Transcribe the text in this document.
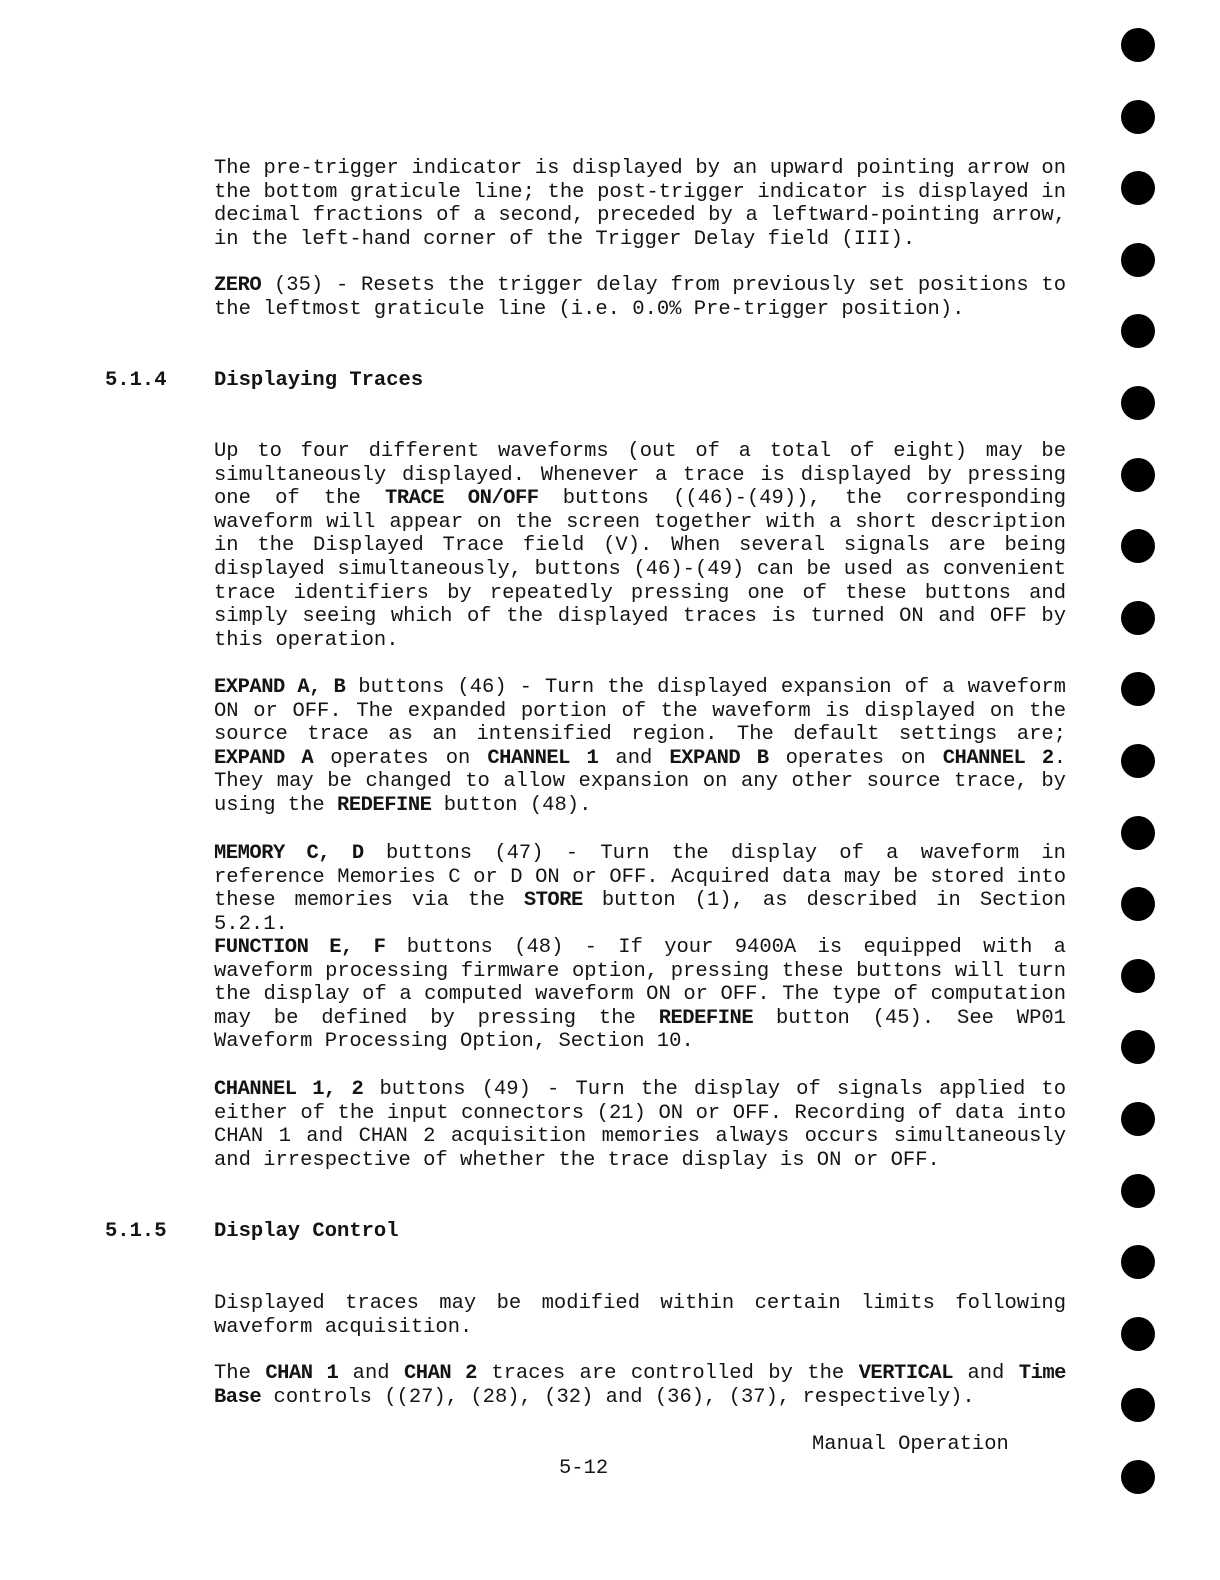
The pre-trigger indicator is displayed by an upward pointing arrow on the bottom graticule line; the post-trigger indicator is displayed in decimal fractions of a second, preceded by a leftward-pointing arrow, in the left-hand corner of the Trigger Delay field (III).

ZERO (35) - Resets the trigger delay from previously set positions to the leftmost graticule line (i.e. 0.0% Pre-trigger position).

5.1.4 Displaying Traces

Up to four different waveforms (out of a total of eight) may be simultaneously displayed. Whenever a trace is displayed by pressing one of the TRACE ON/OFF buttons ((46)-(49)), the corresponding waveform will appear on the screen together with a short description in the Displayed Trace field (V). When several signals are being displayed simultaneously, buttons (46)-(49) can be used as convenient trace identifiers by repeatedly pressing one of these buttons and simply seeing which of the displayed traces is turned ON and OFF by this operation.

EXPAND A, B buttons (46) - Turn the displayed expansion of a waveform ON or OFF. The expanded portion of the waveform is displayed on the source trace as an intensified region. The default settings are; EXPAND A operates on CHANNEL 1 and EXPAND B operates on CHANNEL 2. They may be changed to allow expansion on any other source trace, by using the REDEFINE button (48).

MEMORY C, D buttons (47) - Turn the display of a waveform in reference Memories C or D ON or OFF. Acquired data may be stored into these memories via the STORE button (1), as described in Section 5.2.1.

FUNCTION E, F buttons (48) - If your 9400A is equipped with a waveform processing firmware option, pressing these buttons will turn the display of a computed waveform ON or OFF. The type of computation may be defined by pressing the REDEFINE button (45). See WP01 Waveform Processing Option, Section 10.

CHANNEL 1, 2 buttons (49) - Turn the display of signals applied to either of the input connectors (21) ON or OFF. Recording of data into CHAN 1 and CHAN 2 acquisition memories always occurs simultaneously and irrespective of whether the trace display is ON or OFF.

5.1.5 Display Control

Displayed traces may be modified within certain limits following waveform acquisition.

The CHAN 1 and CHAN 2 traces are controlled by the VERTICAL and Time Base controls ((27), (28), (32) and (36), (37), respectively).

Manual Operation
5-12
